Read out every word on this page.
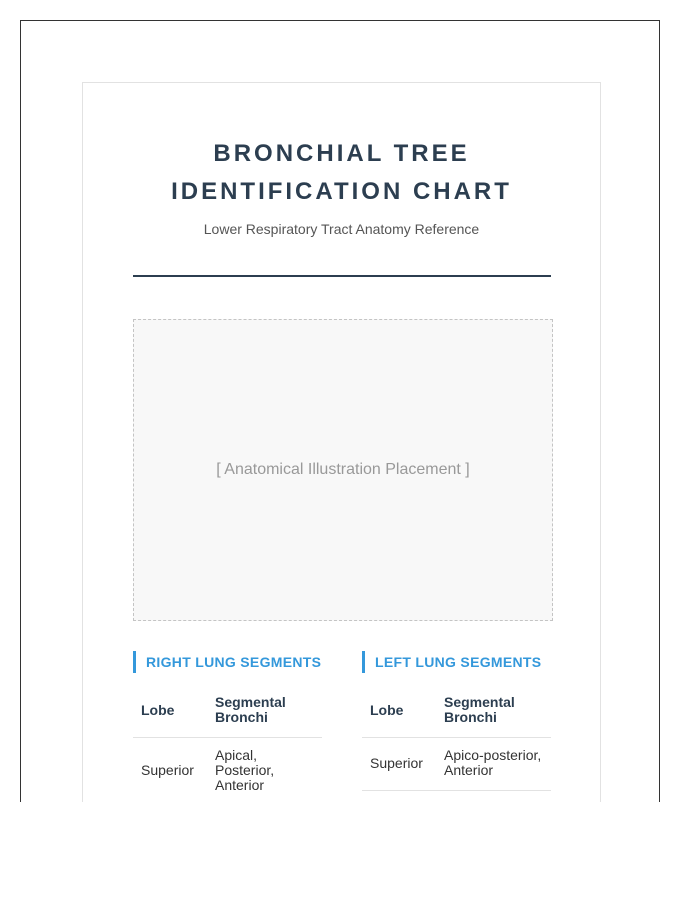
BRONCHIAL TREE
IDENTIFICATION CHART
Lower Respiratory Tract Anatomy Reference
[ Anatomical Illustration Placement ]
RIGHT LUNG SEGMENTS
Lobe	Segmental Bronchi
Superior	Apical, Posterior, Anterior
LEFT LUNG SEGMENTS
Lobe	Segmental Bronchi
Superior	Apico-posterior, Anterior
